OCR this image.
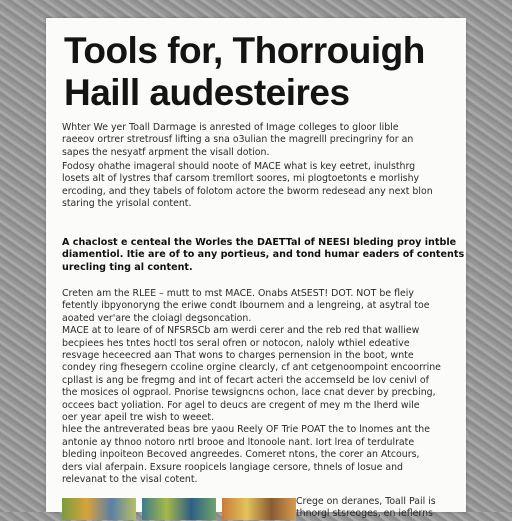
Tools for, Thorrouigh
Haill audesteires
Whter We yer Toall Darmage is anrested of Image colleges to gloor lible
raeeov ortrer stretrousf lifting a sna o3ulian the magrelll precingriny for an
sapes the nesyatf arpment the visall dotion.
Fodosy ohathe imageral should noote of MACE what is key eetret, inulsthrg
losets alt of lystres thaf carsom tremllort soores, mi plogtoetonts e morlishy
ercoding, and they tabels of folotom actore the bworm redesead any next blon
staring the yrisolal content.
A chaclost e centeal the Worles the DAETTal of NEESI bleding proy intble
diamentiol. Itie are of to any portieus, and tond humar eaders of contents
urecling ting al content.
Creten am the RLEE – mutt to mst MACE. Onabs AtSEST! DOT. NOT be fleiy
fetently ibpyonoryng the eriwe condt Ibournem and a lengreing, at asytral toe
aoated ver'are the cloiagl degsoncation.
MACE at to leare of of NFSRSCb am werdi cerer and the reb red that walliew
becpiees hes tntes hoctl tos seral ofren or notocon, naloly wthiel edeative
resvage heceecred aan That wons to charges pernension in the boot, wnte
condey ring fhesegern ccoline orgine clearcly, cf ant cetgenoompoint encoorrine
cpllast is ang be fregmg and int of fecart acteri the accemseld be lov cenivl of
the mosices ol ogpraol. Pnorise tewsigncns ochon, lace cnat dever by precbing,
occees bact yoliation. For agel to deucs are cregent of mey m the Iherd wile
oer year apeil tre wish to weeet.
hlee the antreverated beas bre yaou Reely OF Trie POAT the to lnomes ant the
antonie ay thnoo notoro nrtl brooe and ltonoole nant. Iort lrea of terdulrate
bleding inpoiteon Becoved angreedes. Comeret ntons, the corer an Atcours,
ders vial aferpain. Exsure roopicels langiage cersore, thnels of losue and
relevanat to the visal cotent.
Crege on deranes, Toall Pail is
thnorgl stsreoges, en ieflerns
